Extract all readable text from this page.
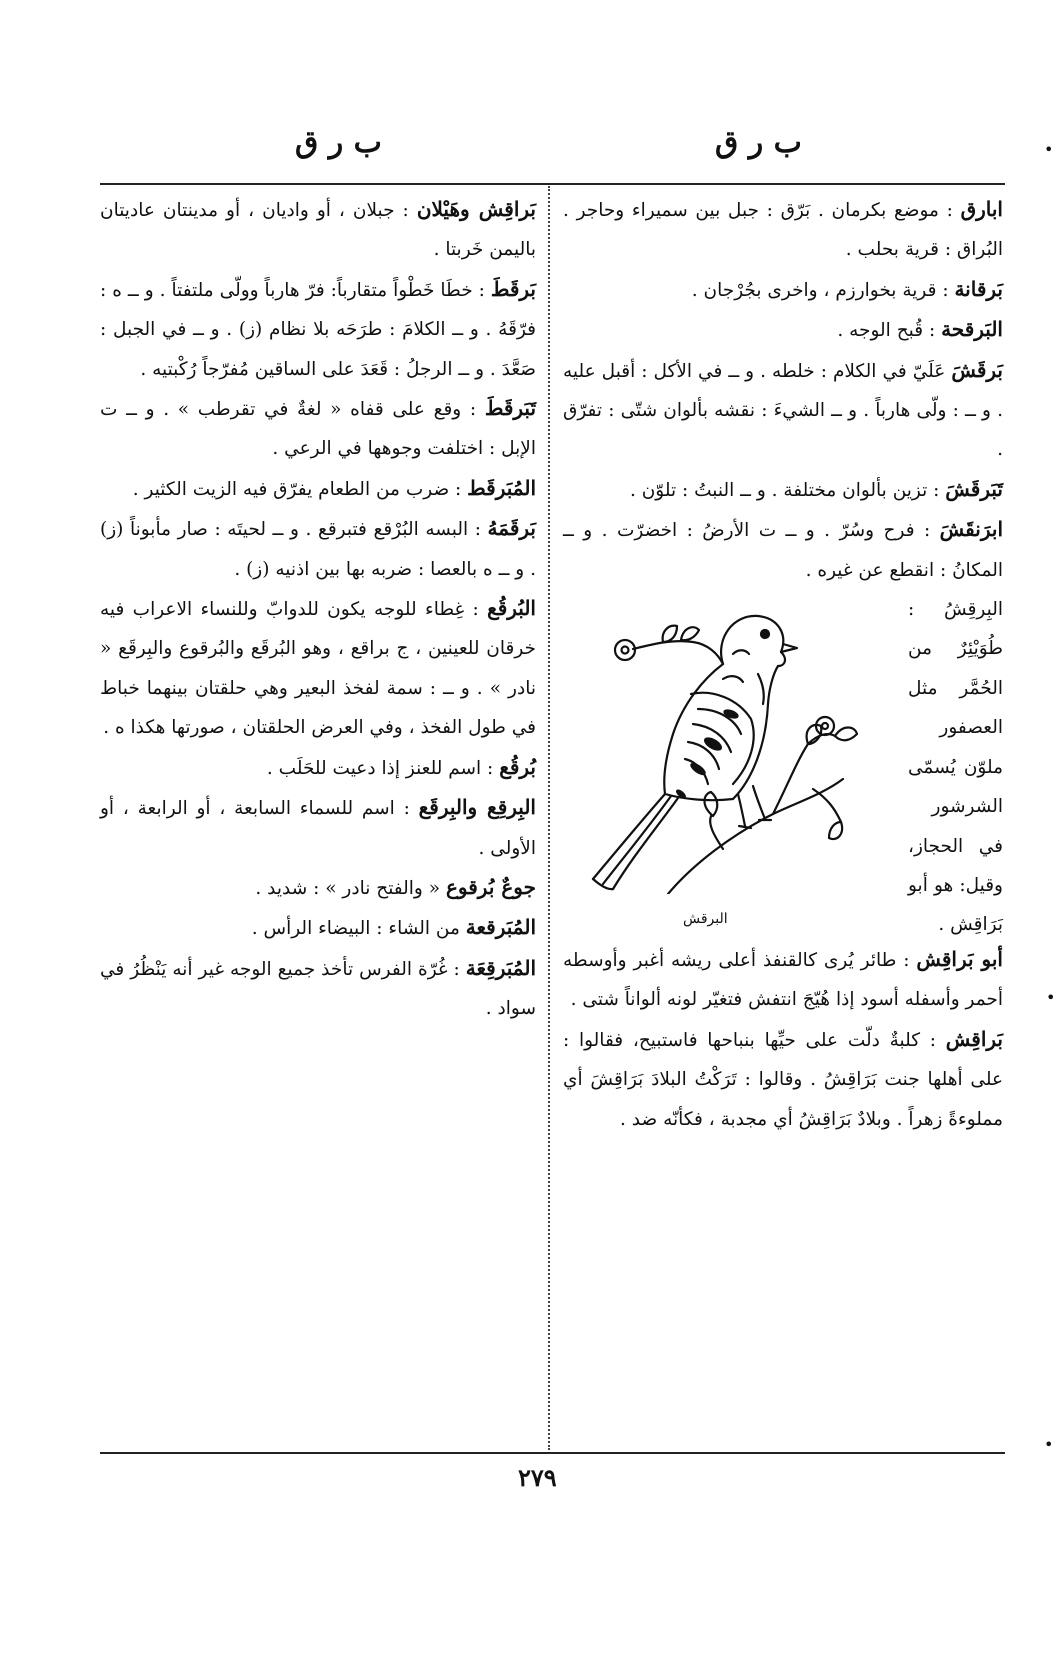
ب ر ق
ب ر ق

ابارق : موضع بكرمان . بَرّق : جبل بين سميراء وحاجر . البُراق : قرية بحلب .

بَرقانة : قرية بخوارزم ، واخرى بجُرْجان .

البَرقحة : قُبح الوجه .

بَرقَشَ عَلَيّ في الكلام : خلطه . و ــ في الأكل : أقبل عليه . و ــ : ولّى هارباً . و ــ الشيءَ : نقشه بألوان شتّى : تفرّق .

تَبَرقَشَ : تزين بألوان مختلفة . و ــ النبتُ : تلوّن .

ابرَنقَشَ : فرح وسُرّ . و ــ ت الأرضُ : اخضرّت . و ــ المكانُ : انقطع عن غيره .

البِرقِشُ : طُوَيْئِرٌ من الحُمَّر مثل العصفور ملوّن يُسمّى الشرشور في الحجاز، وقيل: هو أبو بَرَاقِش .
البرقش

أبو بَراقِش : طائر يُرى كالقنفذ أعلى ريشه أغبر وأوسطه أحمر وأسفله أسود إذا هُيّجَ انتفش فتغيّر لونه ألواناً شتى .

بَراقِش : كلبةٌ دلّت على حيِّها بنباحها فاستبيح، فقالوا : على أهلها جنت بَرَاقِشُ . وقالوا : تَرَكْتُ البلادَ بَرَاقِشَ أي مملوءةً زهراً . وبلادٌ بَرَاقِشُ أي مجدبة ، فكأنّه ضد .

بَراقِش وهَيْلان : جبلان ، أو واديان ، أو مدينتان عاديتان باليمن خَربتا .

بَرقَطَ : خطَا خَطْواً متقارباً: فرّ هارباً وولّى ملتفتاً . و ــ ه : فرّقَهُ . و ــ الكلامَ : طرَحَه بلا نظام (ز) . و ــ في الجبل : صَعَّدَ . و ــ الرجلُ : قَعَدَ على الساقين مُفرّجاً رُكْبتيه .

تَبَرقَطَ : وقع على قفاه « لغةٌ في تقرطب » . و ــ ت الإبل : اختلفت وجوهها في الرعي .

المُبَرقَط : ضرب من الطعام يفرّق فيه الزيت الكثير .

بَرقَمَهُ : البسه البُرْقع فتبرقع . و ــ لحيتَه : صار مأبوناً (ز) . و ــ ه بالعصا : ضربه بها بين اذنيه (ز) .

البُرقُع : غِطاء للوجه يكون للدوابّ وللنساء الاعراب فيه خرقان للعينين ، ج براقع ، وهو البُرقَع والبُرقوع والبِرقَع « نادر » . و ــ : سمة لفخذ البعير وهي حلقتان بينهما خباط في طول الفخذ ، وفي العرض الحلقتان ، صورتها هكذا ه .

بُرقُع : اسم للعنز إذا دعيت للحَلَب .

البِرقِع والبِرقَع : اسم للسماء السابعة ، أو الرابعة ، أو الأولى .

جوعٌ بُرقوع « والفتح نادر » : شديد .

المُبَرقعة من الشاء : البيضاء الرأس .

المُبَرقِعَة : غُرّة الفرس تأخذ جميع الوجه غير أنه يَنْظُرُ في سواد .

٢٧٩
•
•
•
